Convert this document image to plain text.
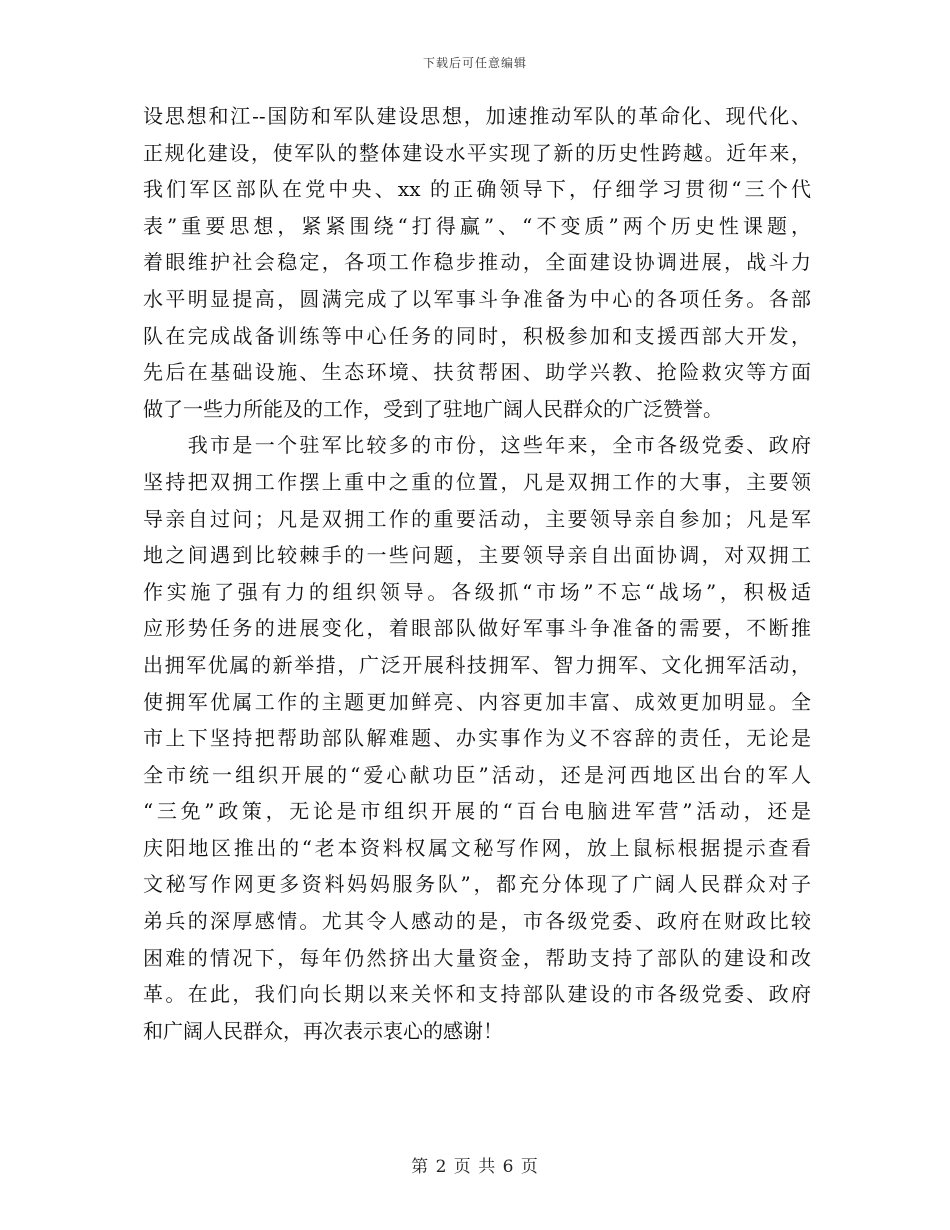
下载后可任意编辑
设思想和江--国防和军队建设思想，加速推动军队的革命化、现代化、
正规化建设，使军队的整体建设水平实现了新的历史性跨越。近年来，
我们军区部队在党中央、xx 的正确领导下，仔细学习贯彻“三个代
表”重要思想，紧紧围绕“打得赢”、“不变质”两个历史性课题，
着眼维护社会稳定，各项工作稳步推动，全面建设协调进展，战斗力
水平明显提高，圆满完成了以军事斗争准备为中心的各项任务。各部
队在完成战备训练等中心任务的同时，积极参加和支援西部大开发，
先后在基础设施、生态环境、扶贫帮困、助学兴教、抢险救灾等方面
做了一些力所能及的工作，受到了驻地广阔人民群众的广泛赞誉。
　　我市是一个驻军比较多的市份，这些年来，全市各级党委、政府
坚持把双拥工作摆上重中之重的位置，凡是双拥工作的大事，主要领
导亲自过问；凡是双拥工作的重要活动，主要领导亲自参加；凡是军
地之间遇到比较棘手的一些问题，主要领导亲自出面协调，对双拥工
作实施了强有力的组织领导。各级抓“市场”不忘“战场”，积极适
应形势任务的进展变化，着眼部队做好军事斗争准备的需要，不断推
出拥军优属的新举措，广泛开展科技拥军、智力拥军、文化拥军活动，
使拥军优属工作的主题更加鲜亮、内容更加丰富、成效更加明显。全
市上下坚持把帮助部队解难题、办实事作为义不容辞的责任，无论是
全市统一组织开展的“爱心献功臣”活动，还是河西地区出台的军人
“三免”政策，无论是市组织开展的“百台电脑进军营”活动，还是
庆阳地区推出的“老本资料权属文秘写作网，放上鼠标根据提示查看
文秘写作网更多资料妈妈服务队”，都充分体现了广阔人民群众对子
弟兵的深厚感情。尤其令人感动的是，市各级党委、政府在财政比较
困难的情况下，每年仍然挤出大量资金，帮助支持了部队的建设和改
革。在此，我们向长期以来关怀和支持部队建设的市各级党委、政府
和广阔人民群众，再次表示衷心的感谢！
第 2 页 共 6 页
